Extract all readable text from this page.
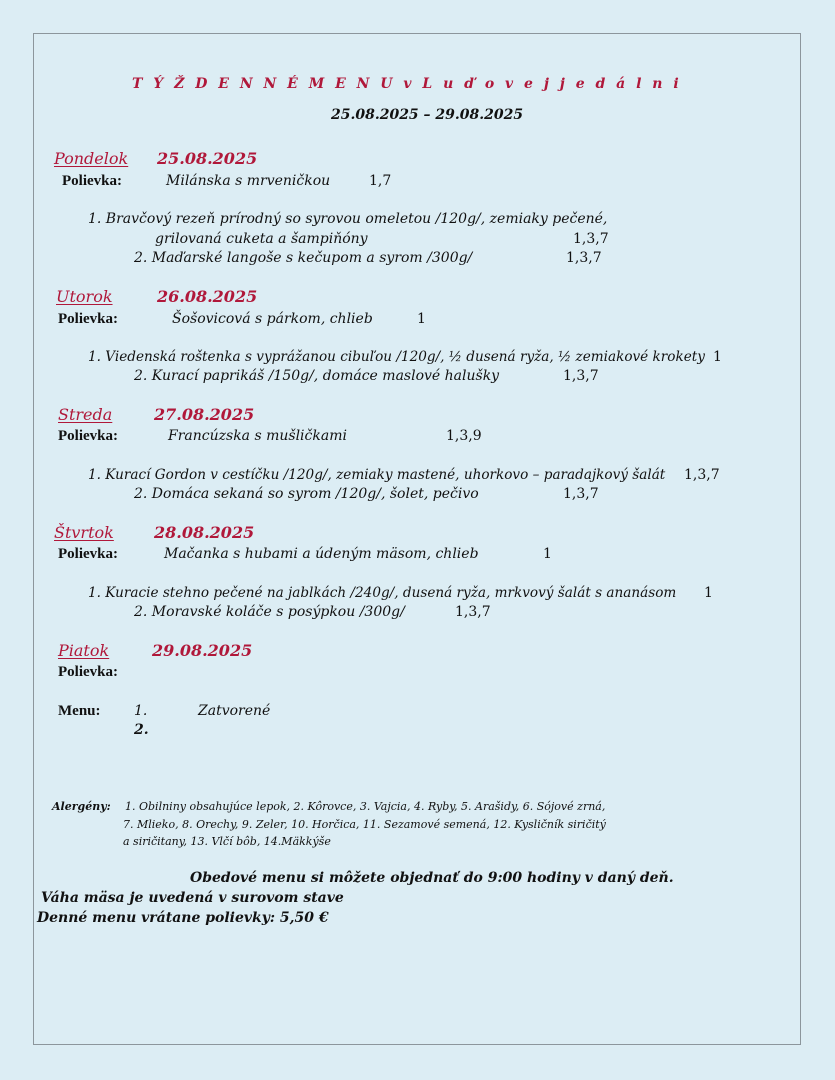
T Ý Ž D E N N É M E N U v L u ď o v e j j e d á l n i
25.08.2025 – 29.08.2025
Pondelok 25.08.2025
Polievka:	Milánska s mrveničkou	1,7
1. Bravčový rezeň prírodný so syrovou omeletou /120g/, zemiaky pečené,
grilovaná cuketa a šampiňóny	1,3,7
2. Maďarské langoše s kečupom a syrom /300g/	1,3,7
Utorok	26.08.2025
Polievka:	Šošovicová s párkom, chlieb	1
1. Viedenská roštenka s vyprážanou cibuľou /120g/, ½ dusená ryža, ½ zemiakové krokety 1
2. Kurací paprikáš /150g/, domáce maslové halušky	1,3,7
Streda	27.08.2025
Polievka:	Francúzska s mušličkami	1,3,9
1. Kurací Gordon v cestíčku /120g/, zemiaky mastené, uhorkovo – paradajkový šalát 1,3,7
2. Domáca sekaná so syrom /120g/, šolet, pečivo	1,3,7
Štvrtok	28.08.2025
Polievka:	Mačanka s hubami a údeným mäsom, chlieb	1
1. Kuracie stehno pečené na jablkách /240g/, dusená ryža, mrkvový šalát s ananásom 1
2. Moravské koláče s posýpkou /300g/	1,3,7
Piatok	29.08.2025
Polievka:
Menu: 1.	Zatvorené
2.
Alergény: 1. Obilniny obsahujúce lepok, 2. Kôrovce, 3. Vajcia, 4. Ryby, 5. Arašidy, 6. Sójové zrná,
7. Mlieko, 8. Orechy, 9. Zeler, 10. Horčica, 11. Sezamové semená, 12. Kysličník siričitý
a siričitany, 13. Vlčí bôb, 14.Mäkkýše
Obedové menu si môžete objednať do 9:00 hodiny v daný deň.
Váha mäsa je uvedená v surovom stave
Denné menu vrátane polievky: 5,50 €
